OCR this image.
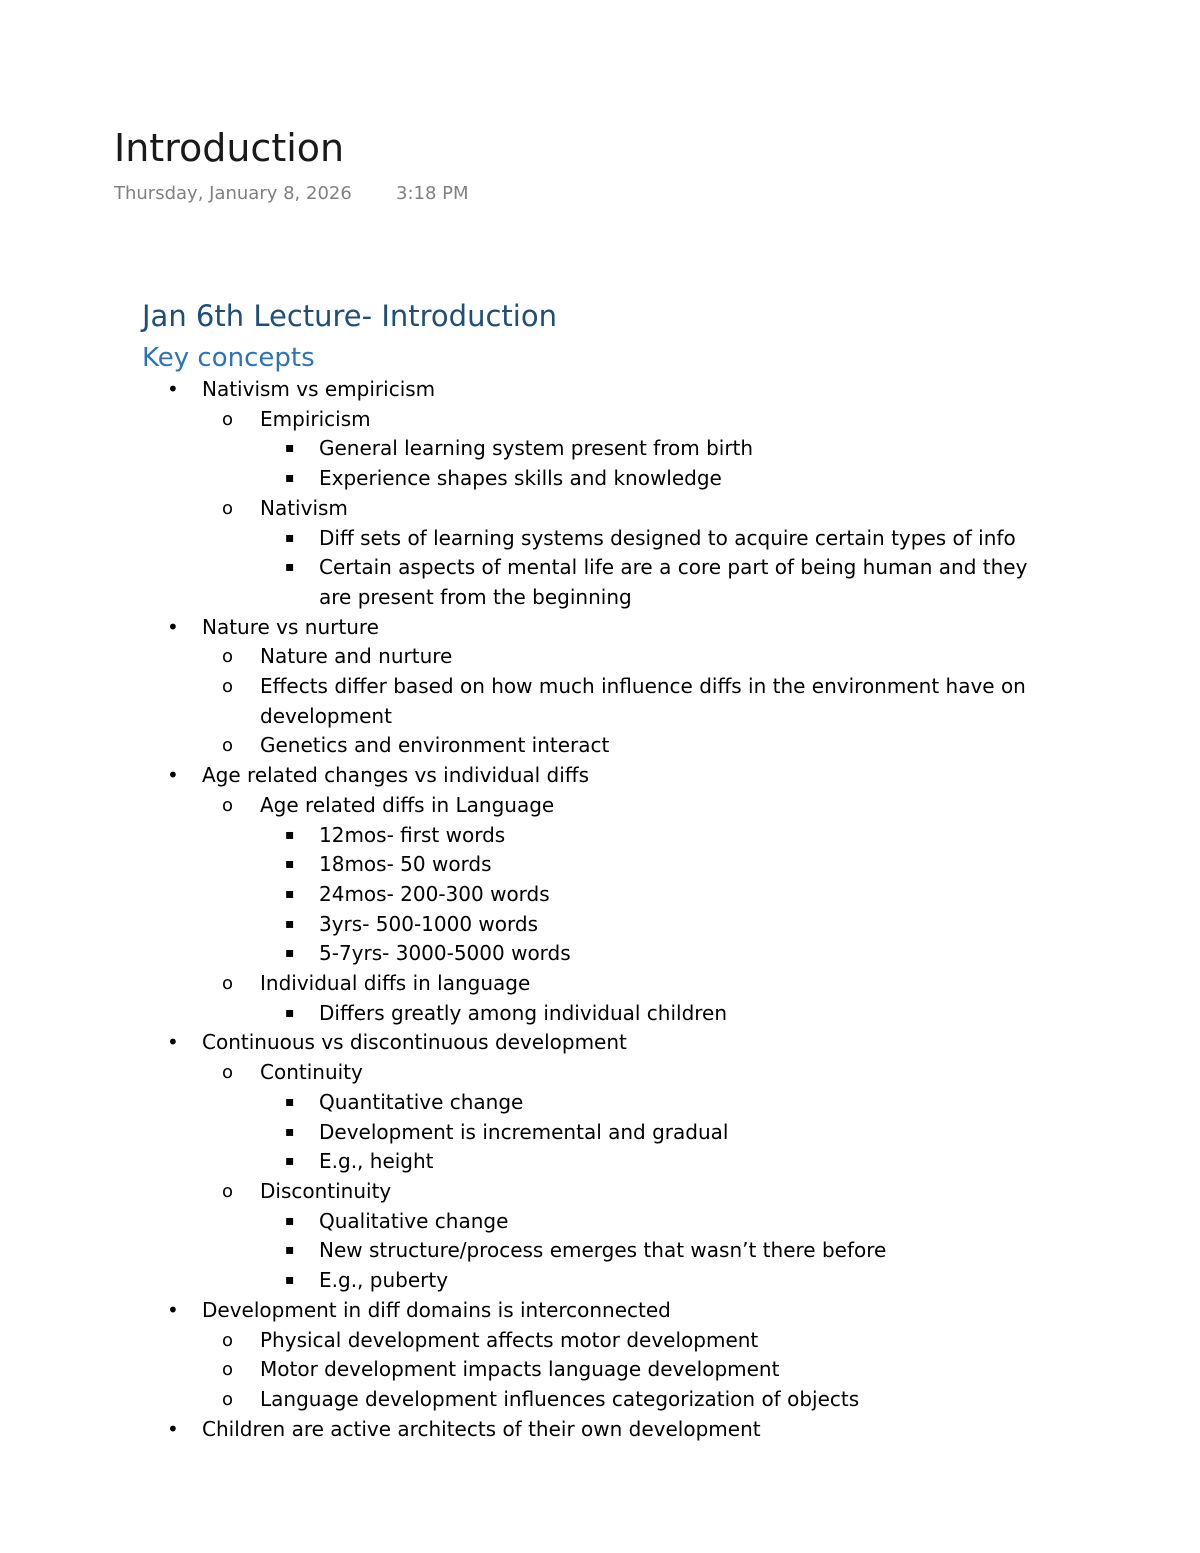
Introduction
Thursday, January 8, 2026 3:18 PM
Jan 6th Lecture- Introduction
Key concepts
• Nativism vs empiricism
o Empiricism
▪ General learning system present from birth
▪ Experience shapes skills and knowledge
o Nativism
▪ Diff sets of learning systems designed to acquire certain types of info
▪ Certain aspects of mental life are a core part of being human and they are present from the beginning
• Nature vs nurture
o Nature and nurture
o Effects differ based on how much influence diffs in the environment have on development
o Genetics and environment interact
• Age related changes vs individual diffs
o Age related diffs in Language
▪ 12mos- first words
▪ 18mos- 50 words
▪ 24mos- 200-300 words
▪ 3yrs- 500-1000 words
▪ 5-7yrs- 3000-5000 words
o Individual diffs in language
▪ Differs greatly among individual children
• Continuous vs discontinuous development
o Continuity
▪ Quantitative change
▪ Development is incremental and gradual
▪ E.g., height
o Discontinuity
▪ Qualitative change
▪ New structure/process emerges that wasn’t there before
▪ E.g., puberty
• Development in diff domains is interconnected
o Physical development affects motor development
o Motor development impacts language development
o Language development influences categorization of objects
• Children are active architects of their own development
